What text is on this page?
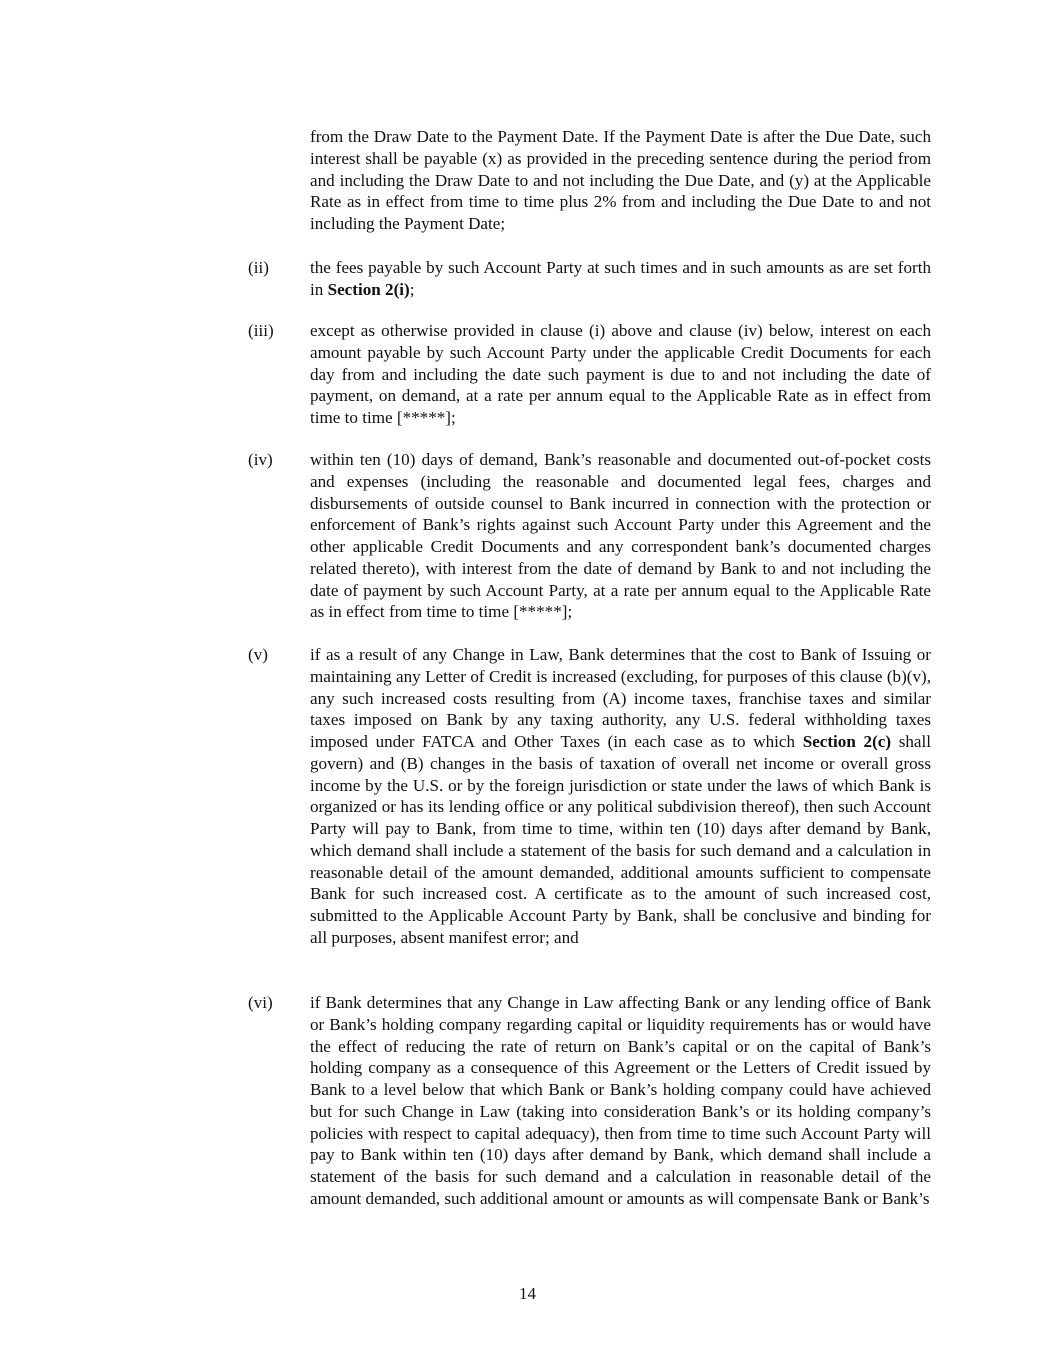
from the Draw Date to the Payment Date. If the Payment Date is after the Due Date, such interest shall be payable (x) as provided in the preceding sentence during the period from and including the Draw Date to and not including the Due Date, and (y) at the Applicable Rate as in effect from time to time plus 2% from and including the Due Date to and not including the Payment Date;

(ii) the fees payable by such Account Party at such times and in such amounts as are set forth in Section 2(i);

(iii) except as otherwise provided in clause (i) above and clause (iv) below, interest on each amount payable by such Account Party under the applicable Credit Documents for each day from and including the date such payment is due to and not including the date of payment, on demand, at a rate per annum equal to the Applicable Rate as in effect from time to time [*****];

(iv) within ten (10) days of demand, Bank’s reasonable and documented out-of-pocket costs and expenses (including the reasonable and documented legal fees, charges and disbursements of outside counsel to Bank incurred in connection with the protection or enforcement of Bank’s rights against such Account Party under this Agreement and the other applicable Credit Documents and any correspondent bank’s documented charges related thereto), with interest from the date of demand by Bank to and not including the date of payment by such Account Party, at a rate per annum equal to the Applicable Rate as in effect from time to time [*****];

(v) if as a result of any Change in Law, Bank determines that the cost to Bank of Issuing or maintaining any Letter of Credit is increased (excluding, for purposes of this clause (b)(v), any such increased costs resulting from (A) income taxes, franchise taxes and similar taxes imposed on Bank by any taxing authority, any U.S. federal withholding taxes imposed under FATCA and Other Taxes (in each case as to which Section 2(c) shall govern) and (B) changes in the basis of taxation of overall net income or overall gross income by the U.S. or by the foreign jurisdiction or state under the laws of which Bank is organized or has its lending office or any political subdivision thereof), then such Account Party will pay to Bank, from time to time, within ten (10) days after demand by Bank, which demand shall include a statement of the basis for such demand and a calculation in reasonable detail of the amount demanded, additional amounts sufficient to compensate Bank for such increased cost. A certificate as to the amount of such increased cost, submitted to the Applicable Account Party by Bank, shall be conclusive and binding for all purposes, absent manifest error; and

(vi) if Bank determines that any Change in Law affecting Bank or any lending office of Bank or Bank’s holding company regarding capital or liquidity requirements has or would have the effect of reducing the rate of return on Bank’s capital or on the capital of Bank’s holding company as a consequence of this Agreement or the Letters of Credit issued by Bank to a level below that which Bank or Bank’s holding company could have achieved but for such Change in Law (taking into consideration Bank’s or its holding company’s policies with respect to capital adequacy), then from time to time such Account Party will pay to Bank within ten (10) days after demand by Bank, which demand shall include a statement of the basis for such demand and a calculation in reasonable detail of the amount demanded, such additional amount or amounts as will compensate Bank or Bank’s

14
